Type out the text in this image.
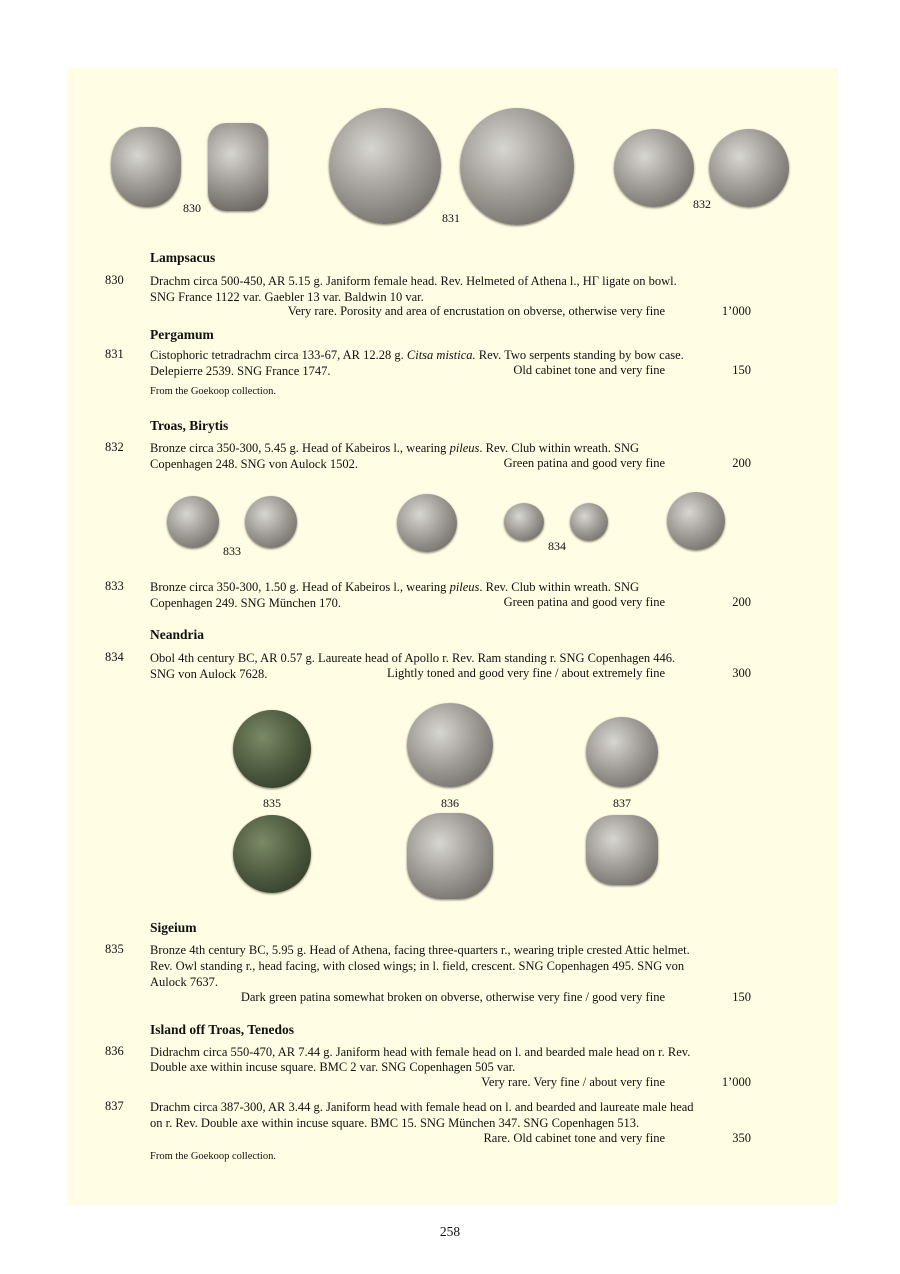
830
831
832
Lampsacus
830 Drachm circa 500-450, AR 5.15 g. Janiform female head. Rev. Helmeted of Athena l., HΓ ligate on bowl.
SNG France 1122 var. Gaebler 13 var. Baldwin 10 var.
Very rare. Porosity and area of encrustation on obverse, otherwise very fine	1’000
Pergamum
831 Cistophoric tetradrachm circa 133-67, AR 12.28 g. Citsa mistica. Rev. Two serpents standing by bow case.
Delepierre 2539. SNG France 1747.	Old cabinet tone and very fine	150
From the Goekoop collection.
Troas, Birytis
832 Bronze circa 350-300, 5.45 g. Head of Kabeiros l., wearing pileus. Rev. Club within wreath. SNG
Copenhagen 248. SNG von Aulock 1502.	Green patina and good very fine	200
833	834
833 Bronze circa 350-300, 1.50 g. Head of Kabeiros l., wearing pileus. Rev. Club within wreath. SNG
Copenhagen 249. SNG München 170.	Green patina and good very fine	200
Neandria
834 Obol 4th century BC, AR 0.57 g. Laureate head of Apollo r. Rev. Ram standing r. SNG Copenhagen 446.
SNG von Aulock 7628.	Lightly toned and good very fine / about extremely fine	300
835	836	837
Sigeium
835 Bronze 4th century BC, 5.95 g. Head of Athena, facing three-quarters r., wearing triple crested Attic helmet.
Rev. Owl standing r., head facing, with closed wings; in l. field, crescent. SNG Copenhagen 495. SNG von
Aulock 7637.
Dark green patina somewhat broken on obverse, otherwise very fine / good very fine	150
Island off Troas, Tenedos
836 Didrachm circa 550-470, AR 7.44 g. Janiform head with female head on l. and bearded male head on r. Rev.
Double axe within incuse square. BMC 2 var. SNG Copenhagen 505 var.
Very rare. Very fine / about very fine	1’000
837 Drachm circa 387-300, AR 3.44 g. Janiform head with female head on l. and bearded and laureate male head
on r. Rev. Double axe within incuse square. BMC 15. SNG München 347. SNG Copenhagen 513.
Rare. Old cabinet tone and very fine	350
From the Goekoop collection.
258
